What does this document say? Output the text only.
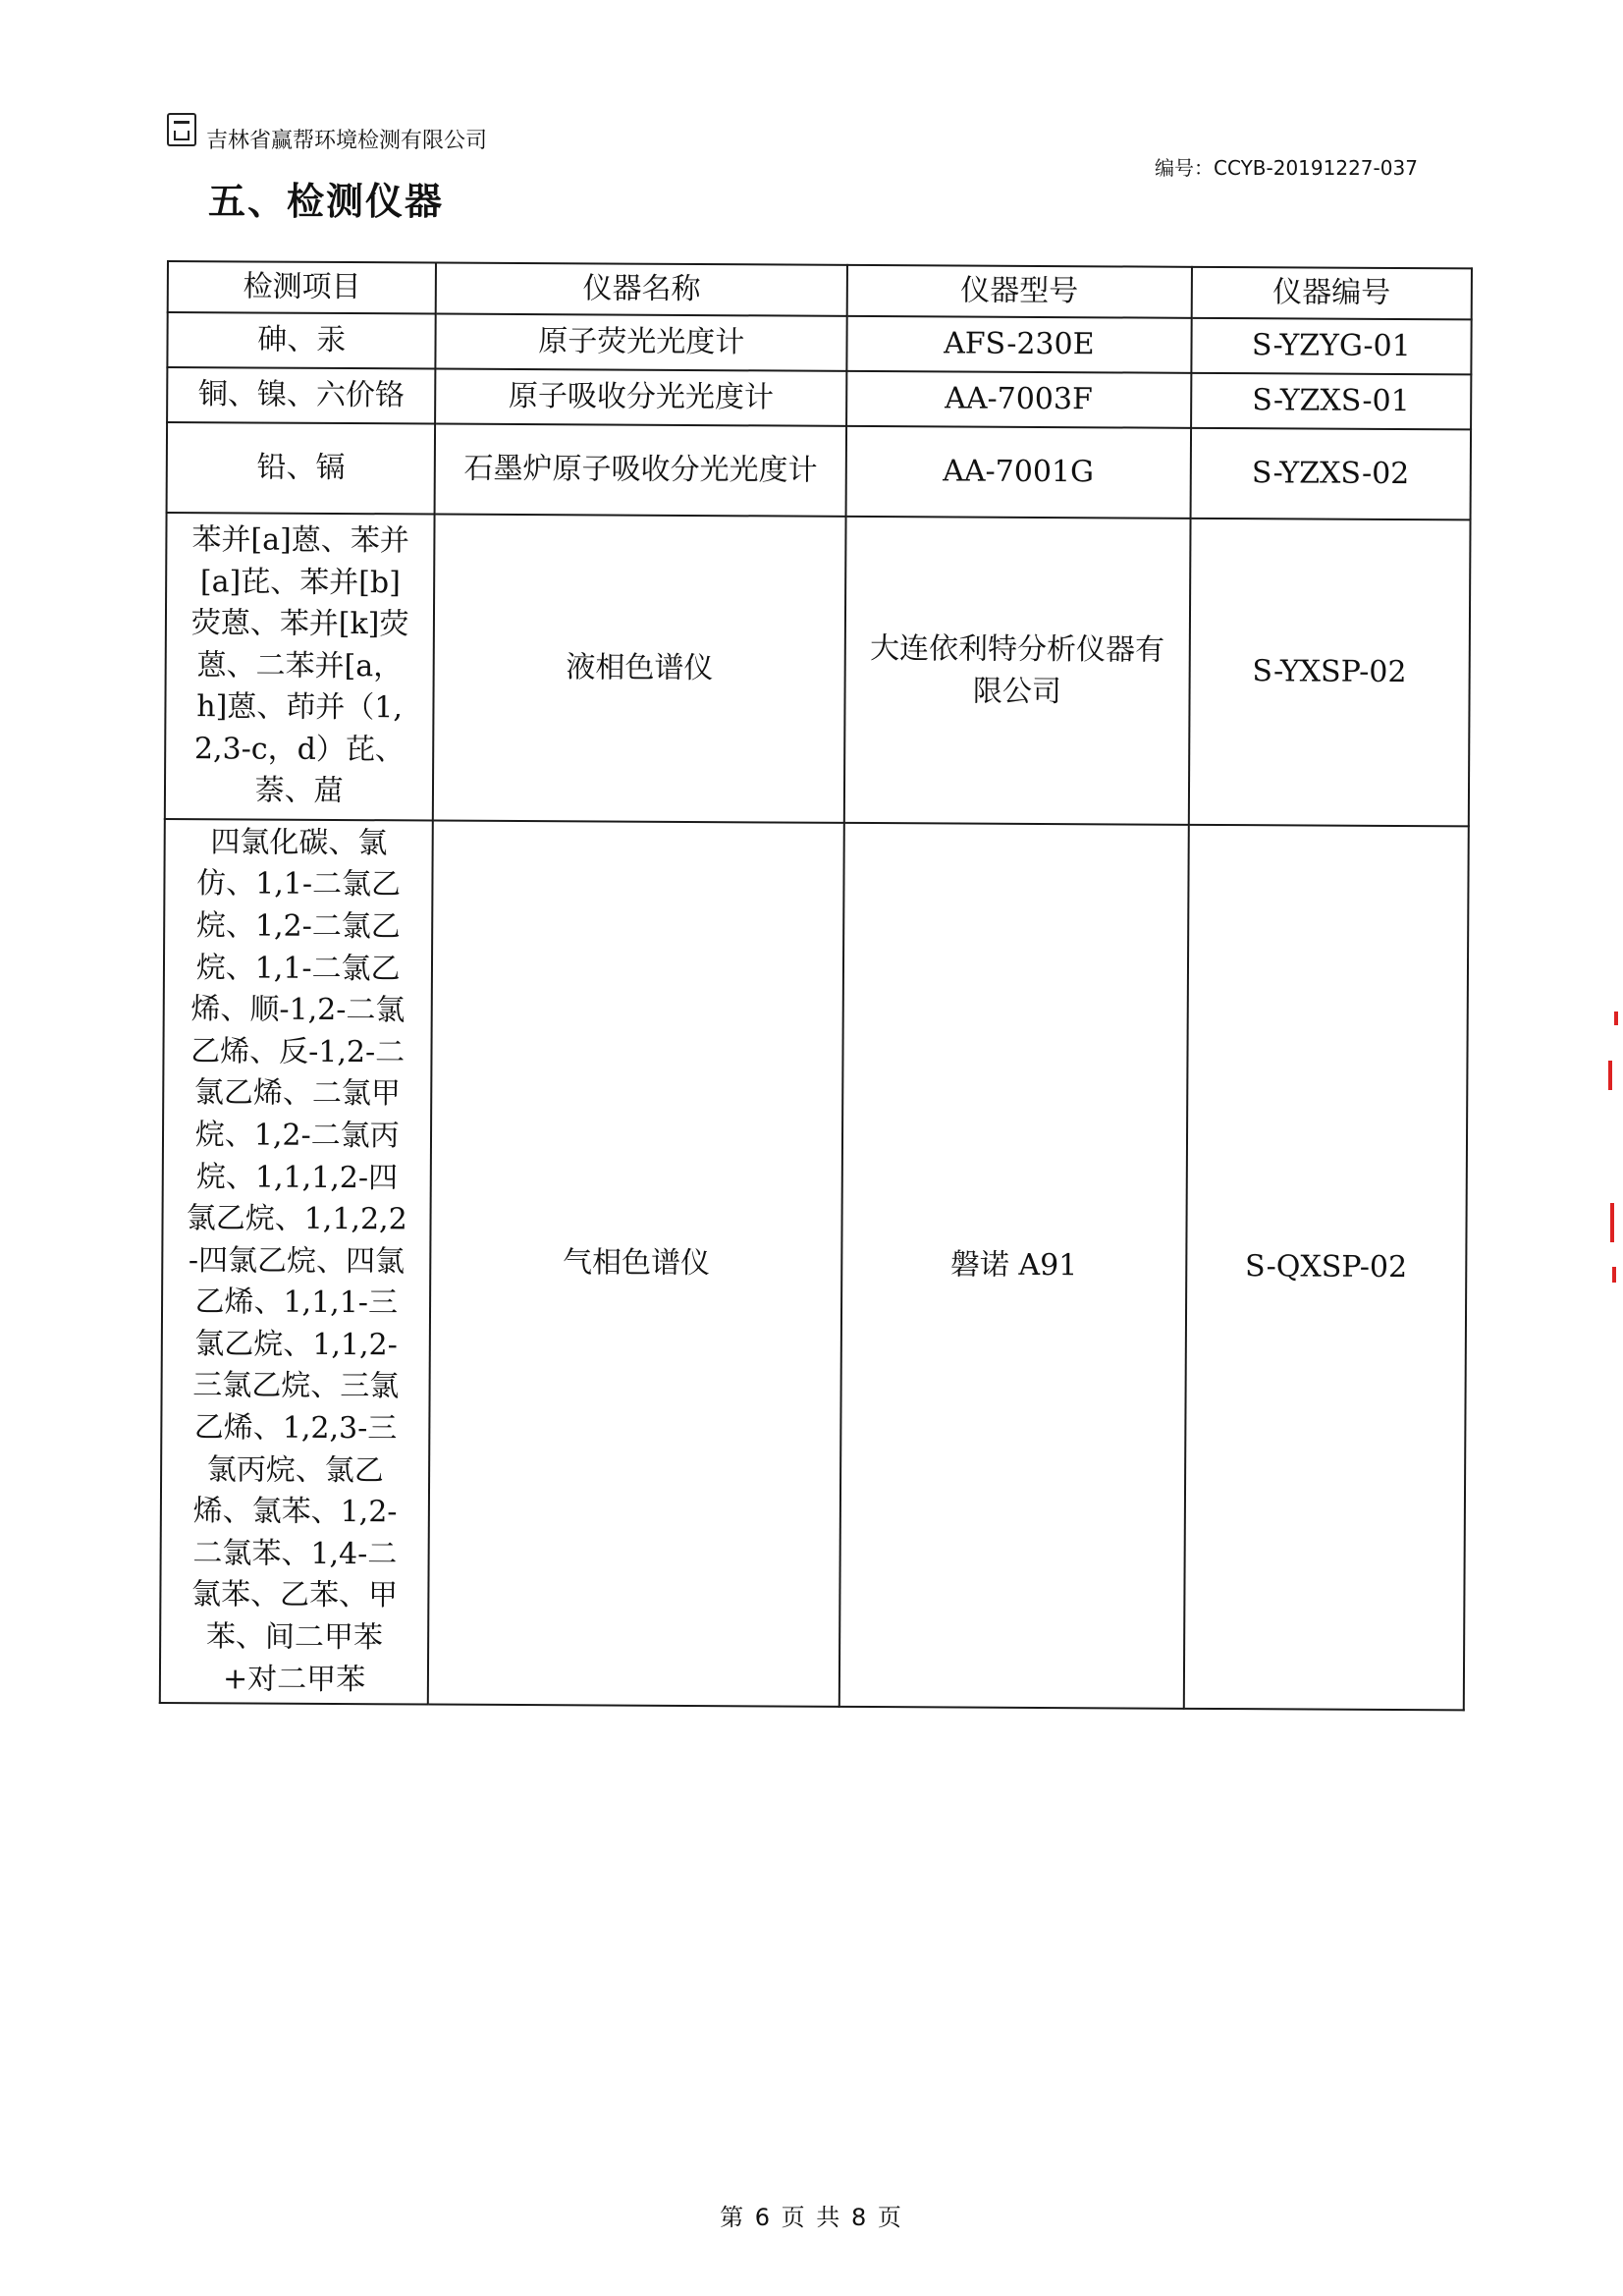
吉林省赢帮环境检测有限公司
编号：CCYB-20191227-037
五、检测仪器
检测项目	仪器名称	仪器型号	仪器编号
砷、汞	原子荧光光度计	AFS-230E	S-YZYG-01
铜、镍、六价铬	原子吸收分光光度计	AA-7003F	S-YZXS-01
铅、镉	石墨炉原子吸收分光光度计	AA-7001G	S-YZXS-02
苯并[a]蒽、苯并[a]芘、苯并[b]荧蒽、苯并[k]荧蒽、二苯并[a，h]蒽、茚并（1,2,3-c，d）芘、萘、䓛	液相色谱仪	大连依利特分析仪器有限公司	S-YXSP-02
四氯化碳、氯仿、1,1-二氯乙烷、1,2-二氯乙烷、1,1-二氯乙烯、顺-1,2-二氯乙烯、反-1,2-二氯乙烯、二氯甲烷、1,2-二氯丙烷、1,1,1,2-四氯乙烷、1,1,2,2-四氯乙烷、四氯乙烯、1,1,1-三氯乙烷、1,1,2-三氯乙烷、三氯乙烯、1,2,3-三氯丙烷、氯乙烯、氯苯、1,2-二氯苯、1,4-二氯苯、乙苯、甲苯、间二甲苯+对二甲苯	气相色谱仪	磐诺 A91	S-QXSP-02
第 6 页 共 8 页
